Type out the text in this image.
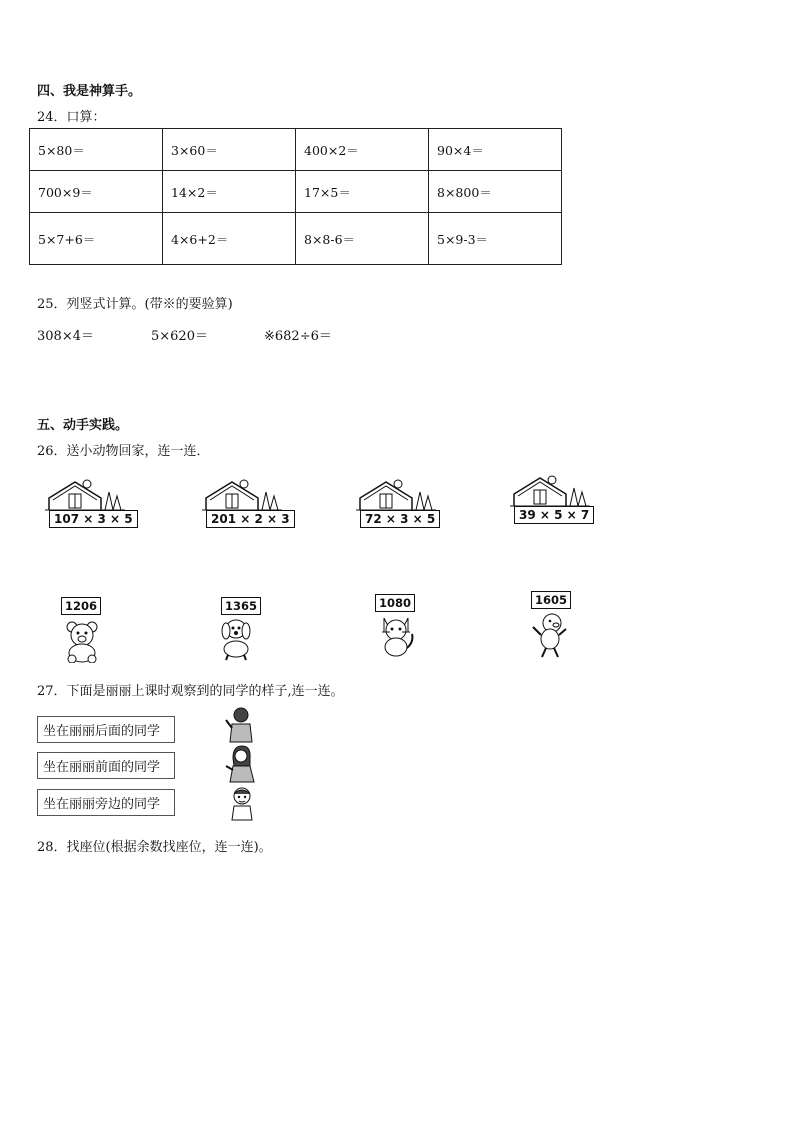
四、我是神算手。
24．口算：
5×80＝	3×60＝	400×2＝	90×4＝
700×9＝	14×2＝	17×5＝	8×800＝
5×7+6＝	4×6+2＝	8×8-6＝	5×9-3＝
25．列竖式计算。(带※的要验算)
308×4＝	5×620＝	※682÷6＝
五、动手实践。
26．送小动物回家，连一连．
107 × 3 × 5	201 × 2 × 3	72 × 3 × 5	39 × 5 × 7
1206	1365	1080	1605
27．下面是丽丽上课时观察到的同学的样子,连一连。
坐在丽丽后面的同学
坐在丽丽前面的同学
坐在丽丽旁边的同学
28．找座位(根据余数找座位，连一连)。
